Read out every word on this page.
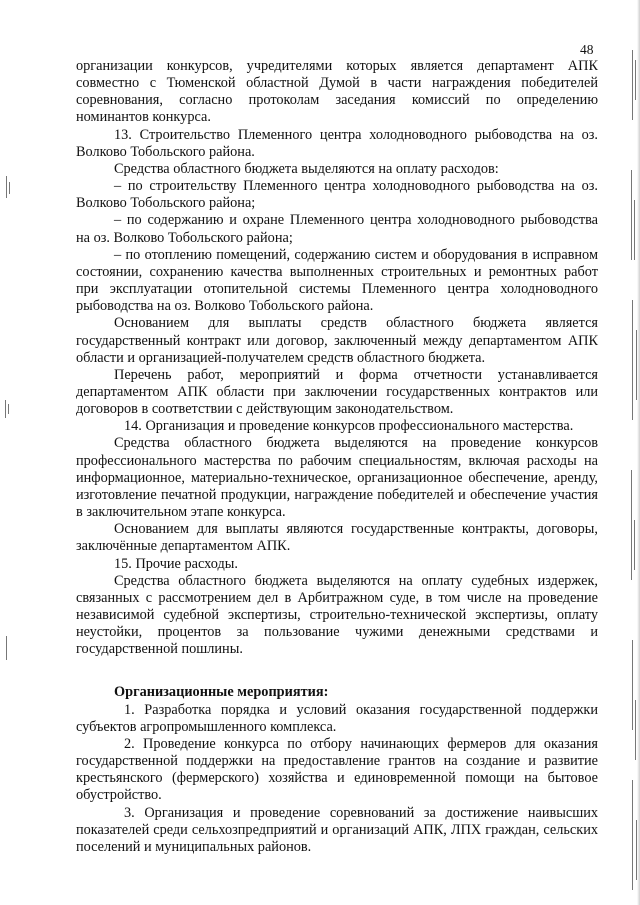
48

организации конкурсов, учредителями которых является департамент АПК совместно с Тюменской областной Думой в части награждения победителей соревнования, согласно протоколам заседания комиссий по определению номинантов конкурса.

13. Строительство Племенного центра холодноводного рыбоводства на оз. Волково Тобольского района.

Средства областного бюджета выделяются на оплату расходов:

– по строительству Племенного центра холодноводного рыбоводства на оз. Волково Тобольского района;

– по содержанию и охране Племенного центра холодноводного рыбоводства на оз. Волково Тобольского района;

– по отоплению помещений, содержанию систем и оборудования в исправном состоянии, сохранению качества выполненных строительных и ремонтных работ при эксплуатации отопительной системы Племенного центра холодноводного рыбоводства на оз. Волково Тобольского района.

Основанием для выплаты средств областного бюджета является государственный контракт или договор, заключенный между департаментом АПК области и организацией-получателем средств областного бюджета.

Перечень работ, мероприятий и форма отчетности устанавливается департаментом АПК области при заключении государственных контрактов или договоров в соответствии с действующим законодательством.

14. Организация и проведение конкурсов профессионального мастерства.

Средства областного бюджета выделяются на проведение конкурсов профессионального мастерства по рабочим специальностям, включая расходы на информационное, материально-техническое, организационное обеспечение, аренду, изготовление печатной продукции, награждение победителей и обеспечение участия в заключительном этапе конкурса.

Основанием для выплаты являются государственные контракты, договоры, заключённые департаментом АПК.

15. Прочие расходы.

Средства областного бюджета выделяются на оплату судебных издержек, связанных с рассмотрением дел в Арбитражном суде, в том числе на проведение независимой судебной экспертизы, строительно-технической экспертизы, оплату неустойки, процентов за пользование чужими денежными средствами и государственной пошлины.

Организационные мероприятия:

1. Разработка порядка и условий оказания государственной поддержки субъектов агропромышленного комплекса.

2. Проведение конкурса по отбору начинающих фермеров для оказания государственной поддержки на предоставление грантов на создание и развитие крестьянского (фермерского) хозяйства и единовременной помощи на бытовое обустройство.

3. Организация и проведение соревнований за достижение наивысших показателей среди сельхозпредприятий и организаций АПК, ЛПХ граждан, сельских поселений и муниципальных районов.
